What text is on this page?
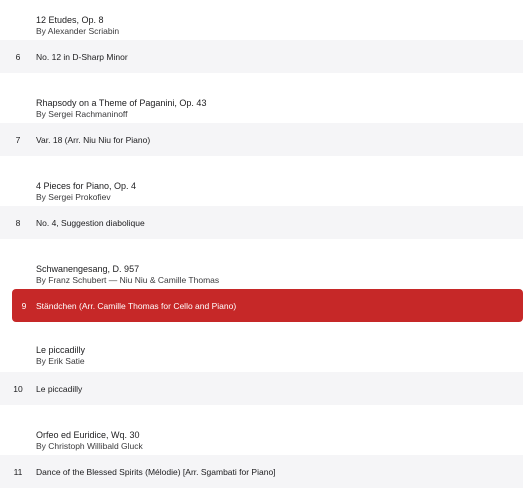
12 Etudes, Op. 8
By Alexander Scriabin
6	No. 12 in D-Sharp Minor
Rhapsody on a Theme of Paganini, Op. 43
By Sergei Rachmaninoff
7	Var. 18 (Arr. Niu Niu for Piano)
4 Pieces for Piano, Op. 4
By Sergei Prokofiev
8	No. 4, Suggestion diabolique
Schwanengesang, D. 957
By Franz Schubert — Niu Niu & Camille Thomas
9	Ständchen (Arr. Camille Thomas for Cello and Piano)
Le piccadilly
By Erik Satie
10	Le piccadilly
Orfeo ed Euridice, Wq. 30
By Christoph Willibald Gluck
11	Dance of the Blessed Spirits (Mélodie) [Arr. Sgambati for Piano]
